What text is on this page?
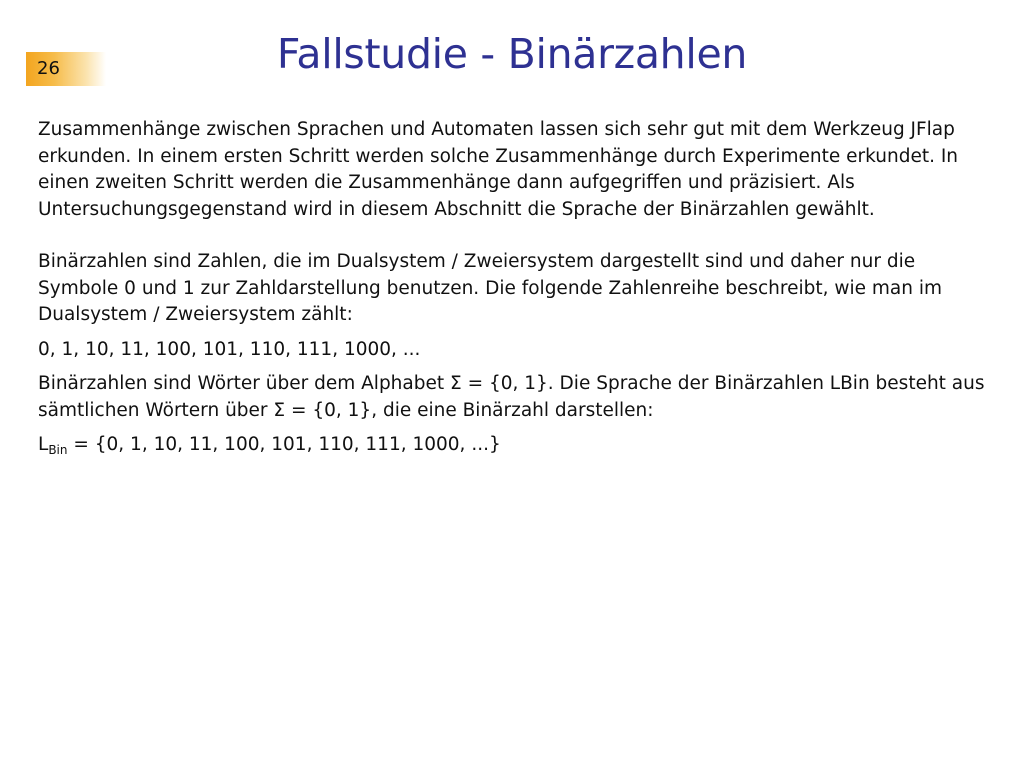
26	Fallstudie - Binärzahlen

Zusammenhänge zwischen Sprachen und Automaten lassen sich sehr gut mit dem Werkzeug JFlap erkunden. In einem ersten Schritt werden solche Zusammenhänge durch Experimente erkundet. In einen zweiten Schritt werden die Zusammenhänge dann aufgegriffen und präzisiert. Als Untersuchungsgegenstand wird in diesem Abschnitt die Sprache der Binärzahlen gewählt.

Binärzahlen sind Zahlen, die im Dualsystem / Zweiersystem dargestellt sind und daher nur die Symbole 0 und 1 zur Zahldarstellung benutzen. Die folgende Zahlenreihe beschreibt, wie man im Dualsystem / Zweiersystem zählt:

0, 1, 10, 11, 100, 101, 110, 111, 1000, ...

Binärzahlen sind Wörter über dem Alphabet Σ = {0, 1}. Die Sprache der Binärzahlen LBin besteht aus sämtlichen Wörtern über Σ = {0, 1}, die eine Binärzahl darstellen:

$L_{Bin} = \{0$, 1, 10, 11, 100, 101, 110, 111, 1000, ...}
